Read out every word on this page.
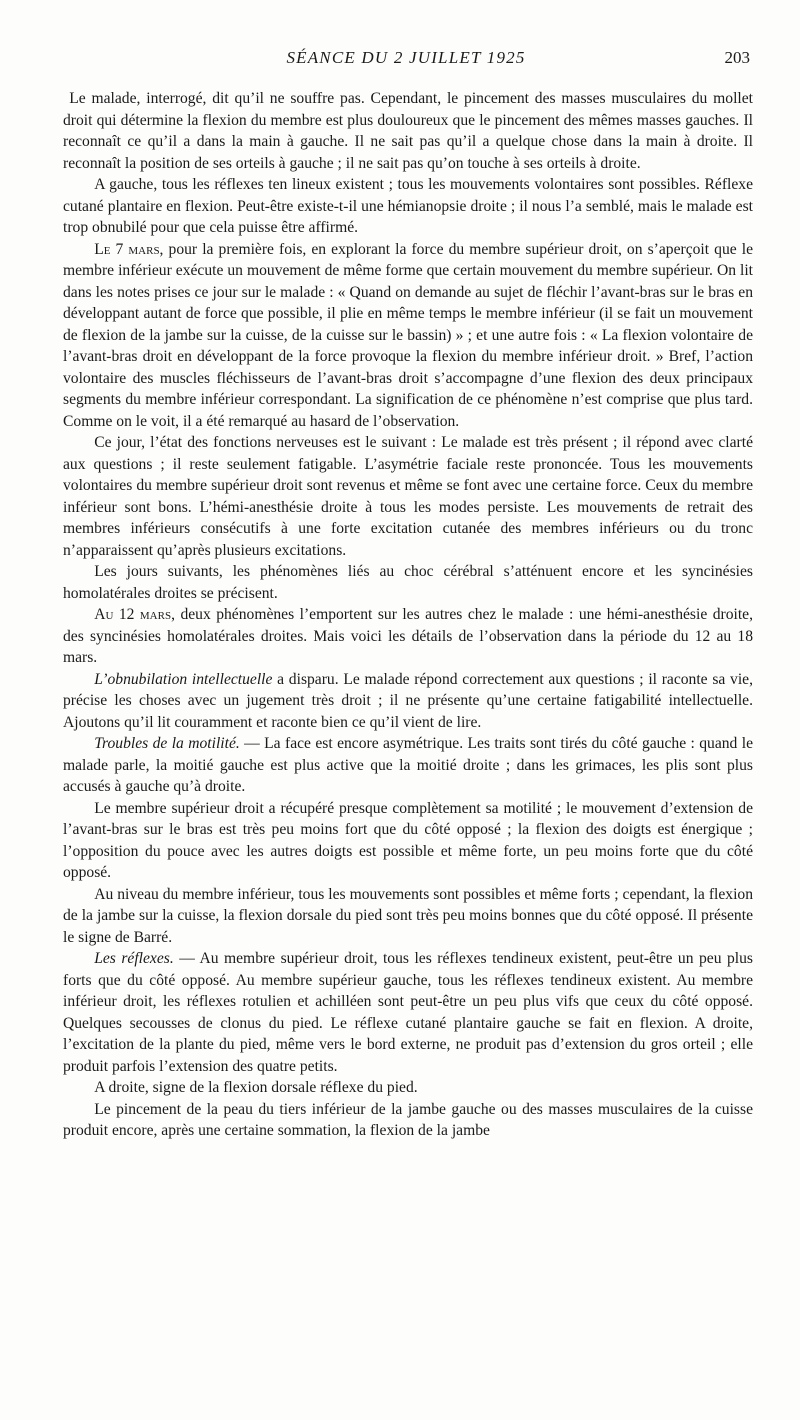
SÉANCE DU 2 JUILLET 1925	203

Le malade, interrogé, dit qu’il ne souffre pas. Cependant, le pincement des masses musculaires du mollet droit qui détermine la flexion du membre est plus douloureux que le pincement des mêmes masses gauches. Il reconnaît ce qu’il a dans la main à gauche. Il ne sait pas qu’il a quelque chose dans la main à droite. Il reconnaît la position de ses orteils à gauche ; il ne sait pas qu’on touche à ses orteils à droite.

A gauche, tous les réflexes ten lineux existent ; tous les mouvements volontaires sont possibles. Réflexe cutané plantaire en flexion. Peut-être existe-t-il une hémianopsie droite ; il nous l’a semblé, mais le malade est trop obnubilé pour que cela puisse être affirmé.

Le 7 mars, pour la première fois, en explorant la force du membre supérieur droit, on s’aperçoit que le membre inférieur exécute un mouvement de même forme que certain mouvement du membre supérieur. On lit dans les notes prises ce jour sur le malade : « Quand on demande au sujet de fléchir l’avant-bras sur le bras en développant autant de force que possible, il plie en même temps le membre inférieur (il se fait un mouvement de flexion de la jambe sur la cuisse, de la cuisse sur le bassin) » ; et une autre fois : « La flexion volontaire de l’avant-bras droit en développant de la force provoque la flexion du membre inférieur droit. » Bref, l’action volontaire des muscles fléchisseurs de l’avant-bras droit s’accompagne d’une flexion des deux principaux segments du membre inférieur correspondant. La signification de ce phénomène n’est comprise que plus tard. Comme on le voit, il a été remarqué au hasard de l’observation.

Ce jour, l’état des fonctions nerveuses est le suivant : Le malade est très présent ; il répond avec clarté aux questions ; il reste seulement fatigable. L’asymétrie faciale reste prononcée. Tous les mouvements volontaires du membre supérieur droit sont revenus et même se font avec une certaine force. Ceux du membre inférieur sont bons. L’hémi-anesthésie droite à tous les modes persiste. Les mouvements de retrait des membres inférieurs consécutifs à une forte excitation cutanée des membres inférieurs ou du tronc n’apparaissent qu’après plusieurs excitations.

Les jours suivants, les phénomènes liés au choc cérébral s’atténuent encore et les syncinésies homolatérales droites se précisent.

Au 12 mars, deux phénomènes l’emportent sur les autres chez le malade : une hémi-anesthésie droite, des syncinésies homolatérales droites. Mais voici les détails de l’observation dans la période du 12 au 18 mars.

L’obnubilation intellectuelle a disparu. Le malade répond correctement aux questions ; il raconte sa vie, précise les choses avec un jugement très droit ; il ne présente qu’une certaine fatigabilité intellectuelle. Ajoutons qu’il lit couramment et raconte bien ce qu’il vient de lire.

Troubles de la motilité. — La face est encore asymétrique. Les traits sont tirés du côté gauche : quand le malade parle, la moitié gauche est plus active que la moitié droite ; dans les grimaces, les plis sont plus accusés à gauche qu’à droite.

Le membre supérieur droit a récupéré presque complètement sa motilité ; le mouvement d’extension de l’avant-bras sur le bras est très peu moins fort que du côté opposé ; la flexion des doigts est énergique ; l’opposition du pouce avec les autres doigts est possible et même forte, un peu moins forte que du côté opposé.

Au niveau du membre inférieur, tous les mouvements sont possibles et même forts ; cependant, la flexion de la jambe sur la cuisse, la flexion dorsale du pied sont très peu moins bonnes que du côté opposé. Il présente le signe de Barré.

Les réflexes. — Au membre supérieur droit, tous les réflexes tendineux existent, peut-être un peu plus forts que du côté opposé. Au membre supérieur gauche, tous les réflexes tendineux existent. Au membre inférieur droit, les réflexes rotulien et achilléen sont peut-être un peu plus vifs que ceux du côté opposé. Quelques secousses de clonus du pied. Le réflexe cutané plantaire gauche se fait en flexion. A droite, l’excitation de la plante du pied, même vers le bord externe, ne produit pas d’extension du gros orteil ; elle produit parfois l’extension des quatre petits.

A droite, signe de la flexion dorsale réflexe du pied.

Le pincement de la peau du tiers inférieur de la jambe gauche ou des masses musculaires de la cuisse produit encore, après une certaine sommation, la flexion de la jambe
